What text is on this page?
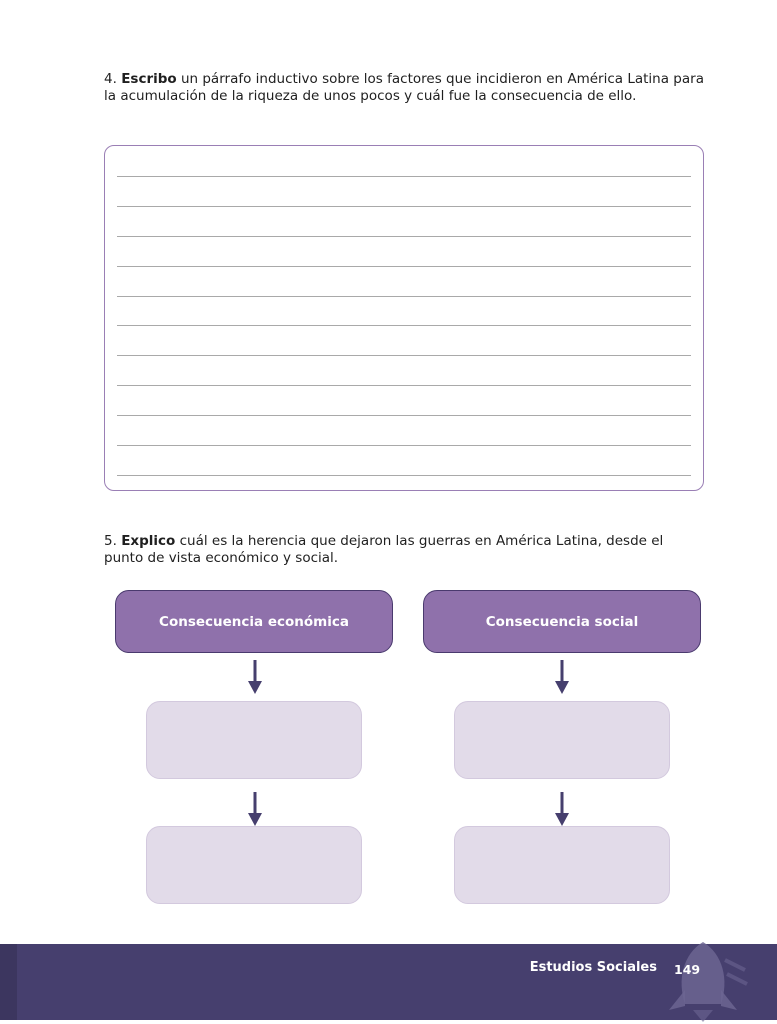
4. Escribo un párrafo inductivo sobre los factores que incidieron en América Latina para la acumulación de la riqueza de unos pocos y cuál fue la consecuencia de ello.
5. Explico cuál es la herencia que dejaron las guerras en América Latina, desde el punto de vista económico y social.
Consecuencia económica	Consecuencia social
Estudios Sociales 149
